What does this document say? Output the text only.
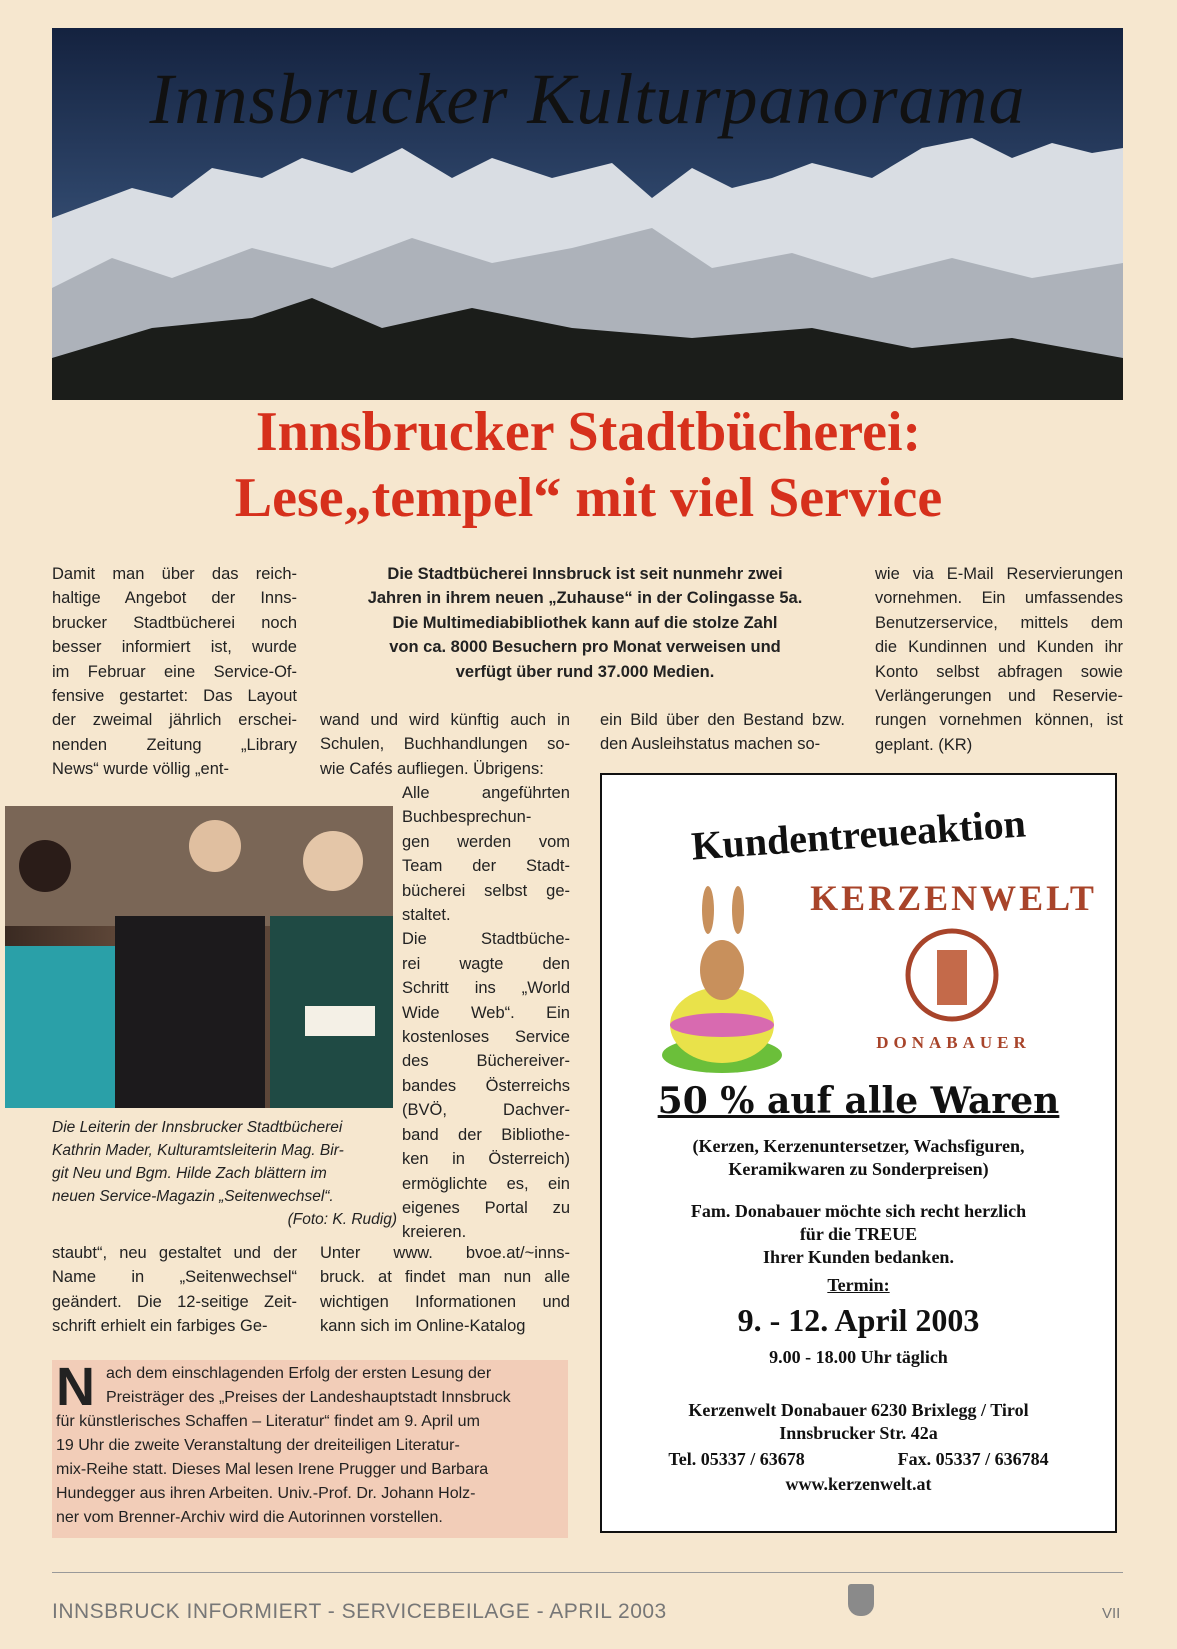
Innsbrucker Kulturpanorama
Innsbrucker Stadtbücherei:
Lese„tempel“ mit viel Service
Die Stadtbücherei Innsbruck ist seit nunmehr zwei
Jahren in ihrem neuen „Zuhause“ in der Colingasse 5a.
Die Multimediabibliothek kann auf die stolze Zahl
von ca. 8000 Besuchern pro Monat verweisen und
verfügt über rund 37.000 Medien.
Damit man über das reich-
haltige Angebot der Inns-
brucker Stadtbücherei noch
besser informiert ist, wurde
im Februar eine Service-Of-
fensive gestartet: Das Layout
der zweimal jährlich erschei-
nenden Zeitung „Library
News“ wurde völlig „ent-
staubt“, neu gestaltet und der
Name in „Seitenwechsel“
geändert. Die 12-seitige Zeit-
schrift erhielt ein farbiges Ge-
wand und wird künftig auch in
Schulen, Buchhandlungen so-
wie Cafés aufliegen. Übrigens:
Alle angeführten
Buchbesprechun-
gen werden vom
Team der Stadt-
bücherei selbst ge-
staltet.
Die Stadtbüche-
rei wagte den
Schritt ins „World
Wide Web“. Ein
kostenloses Service
des Büchereiver-
bandes Österreichs
(BVÖ, Dachver-
band der Bibliothe-
ken in Österreich)
ermöglichte es, ein
eigenes Portal zu
kreieren.
Unter www. bvoe.at/~inns-
bruck. at findet man nun alle
wichtigen Informationen und
kann sich im Online-Katalog
ein Bild über den Bestand bzw.
den Ausleihstatus machen so-
wie via E-Mail Reservierungen
vornehmen. Ein umfassendes
Benutzerservice, mittels dem
die Kundinnen und Kunden ihr
Konto selbst abfragen sowie
Verlängerungen und Reservie-
rungen vornehmen können, ist
geplant. (KR)
Die Leiterin der Innsbrucker Stadtbücherei
Kathrin Mader, Kulturamtsleiterin Mag. Bir-
git Neu und Bgm. Hilde Zach blättern im
neuen Service-Magazin „Seitenwechsel“.
(Foto: K. Rudig)
N ach dem einschlagenden Erfolg der ersten Lesung der
Preisträger des „Preises der Landeshauptstadt Innsbruck
für künstlerisches Schaffen – Literatur“ findet am 9. April um
19 Uhr die zweite Veranstaltung der dreiteiligen Literatur-
mix-Reihe statt. Dieses Mal lesen Irene Prugger und Barbara
Hundegger aus ihren Arbeiten. Univ.-Prof. Dr. Johann Holz-
ner vom Brenner-Archiv wird die Autorinnen vorstellen.
Kundentreueaktion
KERZENWELT
DONABAUER
50 % auf alle Waren
(Kerzen, Kerzenuntersetzer, Wachsfiguren,
Keramikwaren zu Sonderpreisen)
Fam. Donabauer möchte sich recht herzlich
für die TREUE
Ihrer Kunden bedanken.
Termin:
9. - 12. April 2003
9.00 - 18.00 Uhr täglich
Kerzenwelt Donabauer 6230 Brixlegg / Tirol
Innsbrucker Str. 42a
Tel. 05337 / 63678	Fax. 05337 / 636784
www.kerzenwelt.at
INNSBRUCK INFORMIERT - SERVICEBEILAGE - APRIL 2003	VII
